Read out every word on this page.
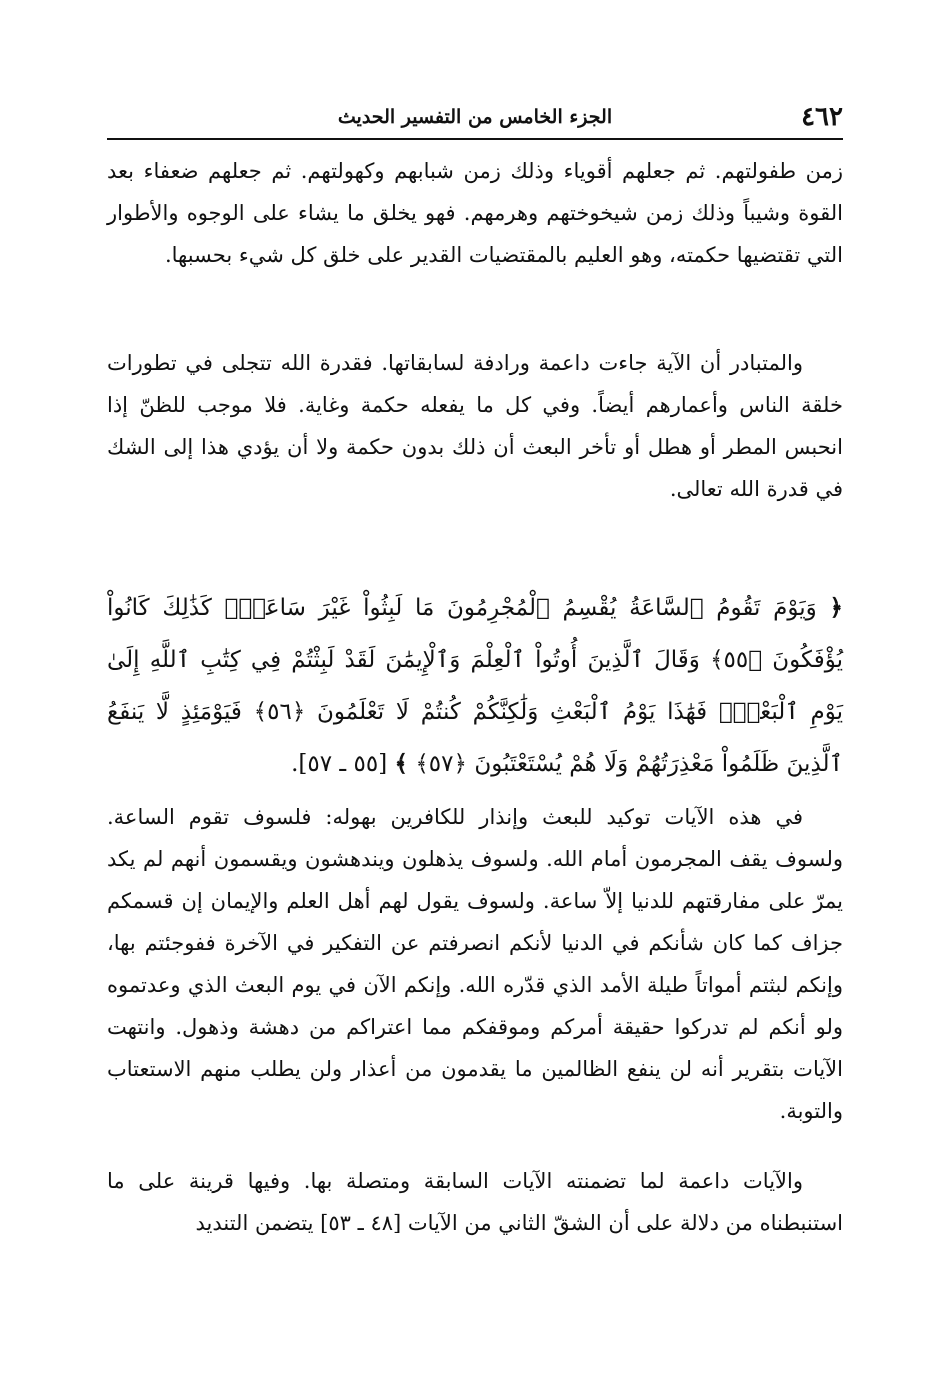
٤٦٢
الجزء الخامس من التفسير الحديث

زمن طفولتهم. ثم جعلهم أقوياء وذلك زمن شبابهم وكهولتهم. ثم جعلهم ضعفاء بعد القوة وشيباً وذلك زمن شيخوختهم وهرمهم. فهو يخلق ما يشاء على الوجوه والأطوار التي تقتضيها حكمته، وهو العليم بالمقتضيات القدير على خلق كل شيء بحسبها.

والمتبادر أن الآية جاءت داعمة ورادفة لسابقاتها. فقدرة الله تتجلى في تطورات خلقة الناس وأعمارهم أيضاً. وفي كل ما يفعله حكمة وغاية. فلا موجب للظنّ إذا انحبس المطر أو هطل أو تأخر البعث أن ذلك بدون حكمة ولا أن يؤدي هذا إلى الشك في قدرة الله تعالى.

﴿ وَيَوْمَ تَقُومُ ٱلسَّاعَةُ يُقْسِمُ ٱلْمُجْرِمُونَ مَا لَبِثُواْ غَيْرَ سَاعَةٍۚ كَذَٰلِكَ كَانُواْ يُؤْفَكُونَ ﴿٥٥﴾ وَقَالَ ٱلَّذِينَ أُوتُواْ ٱلْعِلْمَ وَٱلْإِيمَٰنَ لَقَدْ لَبِثْتُمْ فِي كِتَٰبِ ٱللَّهِ إِلَىٰ يَوْمِ ٱلْبَعْثِۖ فَهَٰذَا يَوْمُ ٱلْبَعْثِ وَلَٰكِنَّكُمْ كُنتُمْ لَا تَعْلَمُونَ ﴿٥٦﴾ فَيَوْمَئِذٍ لَّا يَنفَعُ ٱلَّذِينَ ظَلَمُواْ مَعْذِرَتُهُمْ وَلَا هُمْ يُسْتَعْتَبُونَ ﴿٥٧﴾ ﴾ [٥٥ ـ ٥٧].

في هذه الآيات توكيد للبعث وإنذار للكافرين بهوله: فلسوف تقوم الساعة. ولسوف يقف المجرمون أمام الله. ولسوف يذهلون ويندهشون ويقسمون أنهم لم يكد يمرّ على مفارقتهم للدنيا إلاّ ساعة. ولسوف يقول لهم أهل العلم والإيمان إن قسمكم جزاف كما كان شأنكم في الدنيا لأنكم انصرفتم عن التفكير في الآخرة ففوجئتم بها، وإنكم لبثتم أمواتاً طيلة الأمد الذي قدّره الله. وإنكم الآن في يوم البعث الذي وعدتموه ولو أنكم لم تدركوا حقيقة أمركم وموقفكم مما اعتراكم من دهشة وذهول. وانتهت الآيات بتقرير أنه لن ينفع الظالمين ما يقدمون من أعذار ولن يطلب منهم الاستعتاب والتوبة.

والآيات داعمة لما تضمنته الآيات السابقة ومتصلة بها. وفيها قرينة على ما استنبطناه من دلالة على أن الشقّ الثاني من الآيات [٤٨ ـ ٥٣] يتضمن التنديد
